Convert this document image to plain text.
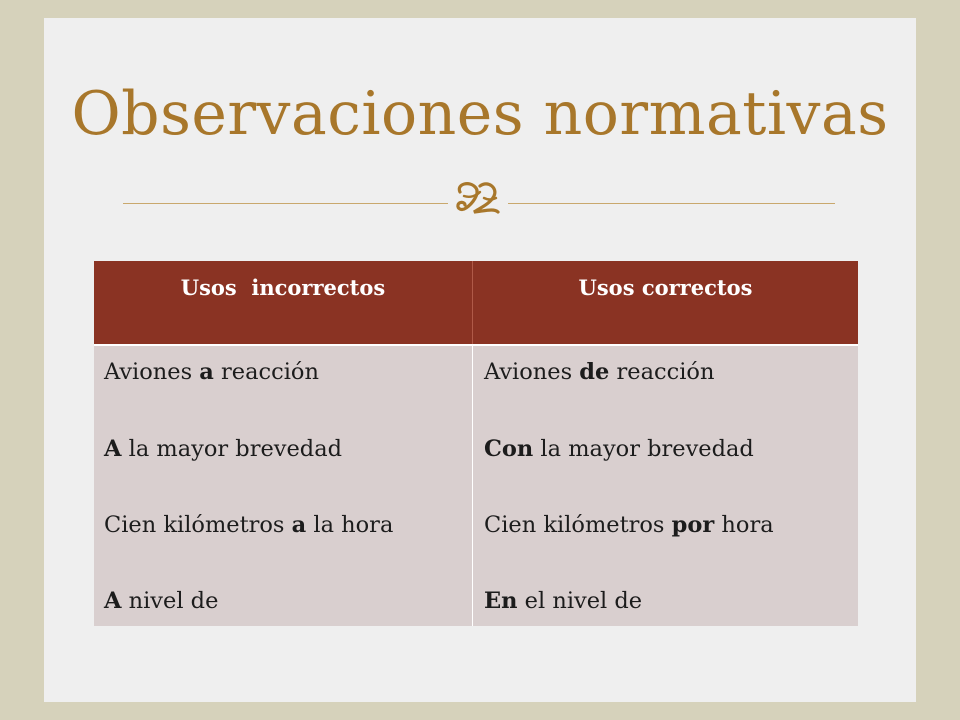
Observaciones normativas
Usos  incorrectos	Usos correctos
Aviones a reacción	Aviones de reacción
A la mayor brevedad	Con la mayor brevedad
Cien kilómetros a la hora	Cien kilómetros por hora
A nivel de	En el nivel de
